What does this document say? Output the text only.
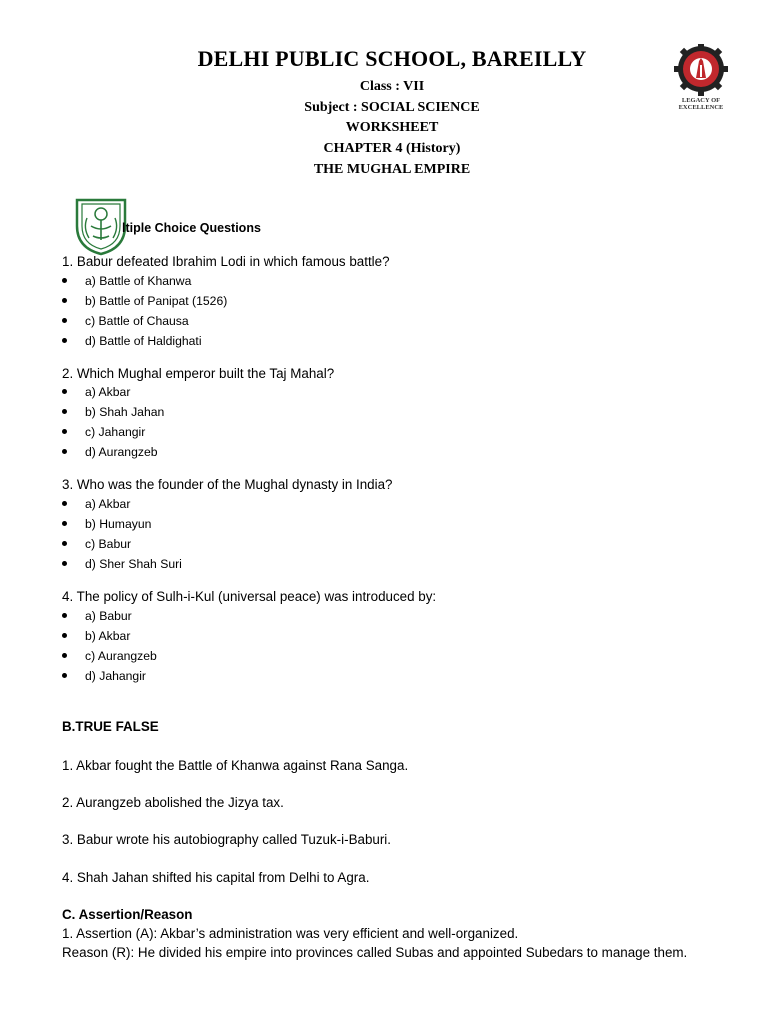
DELHI PUBLIC SCHOOL, BAREILLY
Class : VII
Subject : SOCIAL SCIENCE
WORKSHEET
CHAPTER 4 (History)
THE MUGHAL EMPIRE
LEGACY OF
EXCELLENCE
ltiple Choice Questions
1. Babur defeated Ibrahim Lodi in which famous battle?
a) Battle of Khanwa
b) Battle of Panipat (1526)
c) Battle of Chausa
d) Battle of Haldighati
2. Which Mughal emperor built the Taj Mahal?
a) Akbar
b) Shah Jahan
c) Jahangir
d) Aurangzeb
3. Who was the founder of the Mughal dynasty in India?
a) Akbar
b) Humayun
c) Babur
d) Sher Shah Suri
4. The policy of Sulh-i-Kul (universal peace) was introduced by:
a) Babur
b) Akbar
c) Aurangzeb
d) Jahangir
B.TRUE FALSE
1. Akbar fought the Battle of Khanwa against Rana Sanga.
2. Aurangzeb abolished the Jizya tax.
3. Babur wrote his autobiography called Tuzuk-i-Baburi.
4. Shah Jahan shifted his capital from Delhi to Agra.
C. Assertion/Reason
1. Assertion (A): Akbar’s administration was very efficient and well-organized.
Reason (R): He divided his empire into provinces called Subas and appointed Subedars to manage them.
